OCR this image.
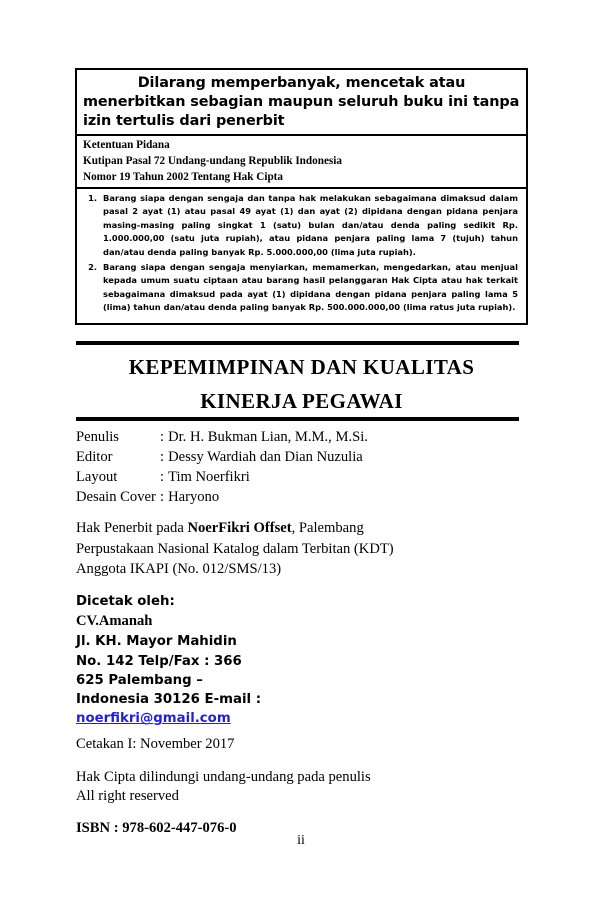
Dilarang memperbanyak, mencetak atau
menerbitkan sebagian maupun seluruh buku ini tanpa
izin tertulis dari penerbit
Ketentuan Pidana
Kutipan Pasal 72 Undang-undang Republik Indonesia
Nomor 19 Tahun 2002 Tentang Hak Cipta
1. Barang siapa dengan sengaja dan tanpa hak melakukan sebagaimana dimaksud dalam pasal 2 ayat (1) atau pasal 49 ayat (1) dan ayat (2) dipidana dengan pidana penjara masing-masing paling singkat 1 (satu) bulan dan/atau denda paling sedikit Rp. 1.000.000,00 (satu juta rupiah), atau pidana penjara paling lama 7 (tujuh) tahun dan/atau denda paling banyak Rp. 5.000.000,00 (lima juta rupiah).
2. Barang siapa dengan sengaja menyiarkan, memamerkan, mengedarkan, atau menjual kepada umum suatu ciptaan atau barang hasil pelanggaran Hak Cipta atau hak terkait sebagaimana dimaksud pada ayat (1) dipidana dengan pidana penjara paling lama 5 (lima) tahun dan/atau denda paling banyak Rp. 500.000.000,00 (lima ratus juta rupiah).
KEPEMIMPINAN DAN KUALITAS
KINERJA PEGAWAI
Penulis	: Dr. H. Bukman Lian, M.M., M.Si.
Editor	: Dessy Wardiah dan Dian Nuzulia
Layout	: Tim Noerfikri
Desain Cover : Haryono
Hak Penerbit pada NoerFikri Offset, Palembang
Perpustakaan Nasional Katalog dalam Terbitan (KDT)
Anggota IKAPI (No. 012/SMS/13)
Dicetak oleh:
CV.Amanah
Jl. KH. Mayor Mahidin
No. 142 Telp/Fax : 366
625 Palembang –
Indonesia 30126 E-mail :
noerfikri@gmail.com
Cetakan I: November 2017
Hak Cipta dilindungi undang-undang pada penulis
All right reserved
ISBN : 978-602-447-076-0
ii
